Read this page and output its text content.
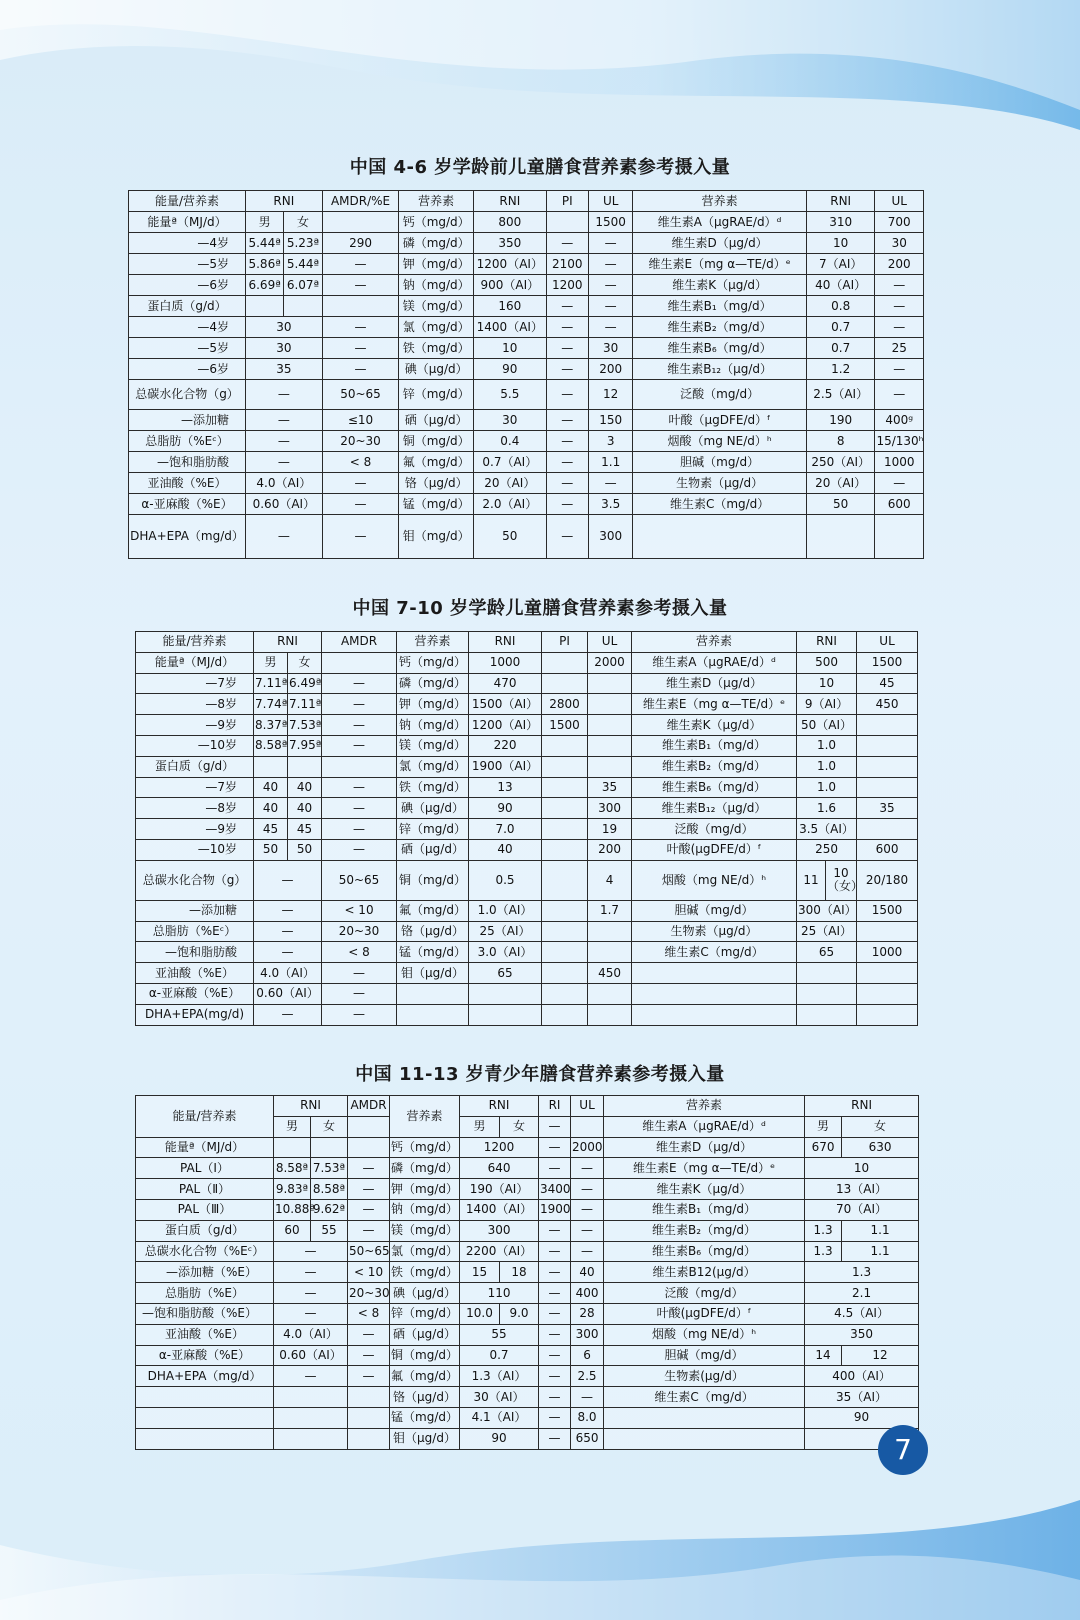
中国 4-6 岁学龄前儿童膳食营养素参考摄入量
能量/营养素	RNI		AMDR/%E	营养素	RNI	PI	UL	营养素	RNI	UL
能量ª（MJ/d）	男	女		钙（mg/d）	800		1500	维生素A（μgRAE/d）ᵈ	310	700
—4岁	5.44ª	5.23ª	290	磷（mg/d）	350	—	—	维生素D（μg/d）	10	30
—5岁	5.86ª	5.44ª	—	钾（mg/d）	1200（AI）	2100	—	维生素E（mg α—TE/d）ᵉ	7（AI）	200
—6岁	6.69ª	6.07ª	—	钠（mg/d）	900（AI）	1200	—	维生素K（μg/d）	40（AI）	—
蛋白质（g/d）				镁（mg/d）	160	—	—	维生素B₁（mg/d）	0.8	—
—4岁	30		—	氯（mg/d）	1400（AI）	—	—	维生素B₂（mg/d）	0.7	—
—5岁	30		—	铁（mg/d）	10	—	30	维生素B₆（mg/d）	0.7	25
—6岁	35		—	碘（μg/d）	90	—	200	维生素B₁₂（μg/d）	1.2	—
总碳水化合物（g）	—		50~65	锌（mg/d）	5.5	—	12	泛酸（mg/d）	2.5（AI）	—
—添加糖	—		≤10	硒（μg/d）	30	—	150	叶酸（μgDFE/d）ᶠ	190	400ᵍ
总脂肪（%Eᶜ）	—		20~30	铜（mg/d）	0.4	—	3	烟酸（mg NE/d）ʰ	8	15/130ʰ
—饱和脂肪酸	—		< 8	氟（mg/d）	0.7（AI）	—	1.1	胆碱（mg/d）	250（AI）	1000
亚油酸（%E）	4.0（AI）		—	铬（μg/d）	20（AI）	—	—	生物素（μg/d）	20（AI）	—
α-亚麻酸（%E）	0.60（AI）		—	锰（mg/d）	2.0（AI）	—	3.5	维生素C（mg/d）	50	600
DHA+EPA（mg/d）	—		—	钼（mg/d）	50	—	300			
中国 7-10 岁学龄儿童膳食营养素参考摄入量
能量/营养素	RNI		AMDR	营养素	RNI	PI	UL	营养素	RNI		UL
能量ª（MJ/d）	男	女		钙（mg/d）	1000		2000	维生素A（μgRAE/d）ᵈ	500		1500
—7岁	7.11ª	6.49ª	—	磷（mg/d）	470			维生素D（μg/d）	10		45
—8岁	7.74ª	7.11ª	—	钾（mg/d）	1500（AI）	2800		维生素E（mg α—TE/d）ᵉ	9（AI）		450
—9岁	8.37ª	7.53ª	—	钠（mg/d）	1200（AI）	1500		维生素K（μg/d）	50（AI）		
—10岁	8.58ª	7.95ª	—	镁（mg/d）	220			维生素B₁（mg/d）	1.0		
蛋白质（g/d）				氯（mg/d）	1900（AI）			维生素B₂（mg/d）	1.0		
—7岁	40	40	—	铁（mg/d）	13		35	维生素B₆（mg/d）	1.0		
—8岁	40	40	—	碘（μg/d）	90		300	维生素B₁₂（μg/d）	1.6		35
—9岁	45	45	—	锌（mg/d）	7.0		19	泛酸（mg/d）	3.5（AI）		
—10岁	50	50	—	硒（μg/d）	40		200	叶酸(μgDFE/d）ᶠ	250		600
总碳水化合物（g）	—		50~65	铜（mg/d）	0.5		4	烟酸（mg NE/d）ʰ	11	10（女）	20/180
—添加糖	—		< 10	氟（mg/d）	1.0（AI）		1.7	胆碱（mg/d）	300（AI）		1500
总脂肪（%Eᶜ）	—		20~30	铬（μg/d）	25（AI）			生物素（μg/d）	25（AI）		
—饱和脂肪酸	—		< 8	锰（mg/d）	3.0（AI）			维生素C（mg/d）	65		1000
亚油酸（%E）	4.0（AI）		—	钼（μg/d）	65		450				
α-亚麻酸（%E）	0.60（AI）		—								
DHA+EPA(mg/d)	—		—								
中国 11-13 岁青少年膳食营养素参考摄入量
能量/营养素	RNI		AMDR	营养素	RNI		RI	UL	营养素	RNI	
	男	女			男	女	—		维生素A（μgRAE/d）ᵈ	男	女	
能量ª（MJ/d）				钙（mg/d）	1200		—	2000	维生素D（μg/d）	670	630	
PAL（Ⅰ）	8.58ª	7.53ª	—	磷（mg/d）	640		—	—	维生素E（mg α—TE/d）ᵉ	10	
PAL（Ⅱ）	9.83ª	8.58ª	—	钾（mg/d）	190（AI）		3400	—	维生素K（μg/d）	13（AI）	
PAL（Ⅲ）	10.88ª	9.62ª	—	钠（mg/d）	1400（AI）		1900	—	维生素B₁（mg/d）	70（AI）	
蛋白质（g/d）	60	55	—	镁（mg/d）	300		—	—	维生素B₂（mg/d）	1.3	1.1	
总碳水化合物（%Eᶜ）	—		50~65	氯（mg/d）	2200（AI）		—	—	维生素B₆（mg/d）	1.3	1.1	
—添加糖（%E）	—		< 10	铁（mg/d）	15	18	—	40	维生素B12(μg/d）	1.3	
总脂肪（%E）	—		20~30	碘（μg/d）	110		—	400	泛酸（mg/d）	2.1	
—饱和脂肪酸（%E）	—		< 8	锌（mg/d）	10.0	9.0	—	28	叶酸(μgDFE/d）ᶠ	4.5（AI）	
亚油酸（%E）	4.0（AI）		—	硒（μg/d）	55		—	300	烟酸（mg NE/d）ʰ	350	
α-亚麻酸（%E）	0.60（AI）		—	铜（mg/d）	0.7		—	6	胆碱（mg/d）	14	12	
DHA+EPA（mg/d）	—		—	氟（mg/d）	1.3（AI）		—	2.5	生物素(μg/d）	400（AI）	
				铬（μg/d）	30（AI）		—	—	维生素C（mg/d）	35（AI）	
				锰（mg/d）	4.1（AI）		—	8.0		90	
				钼（μg/d）	90		—	650					7
